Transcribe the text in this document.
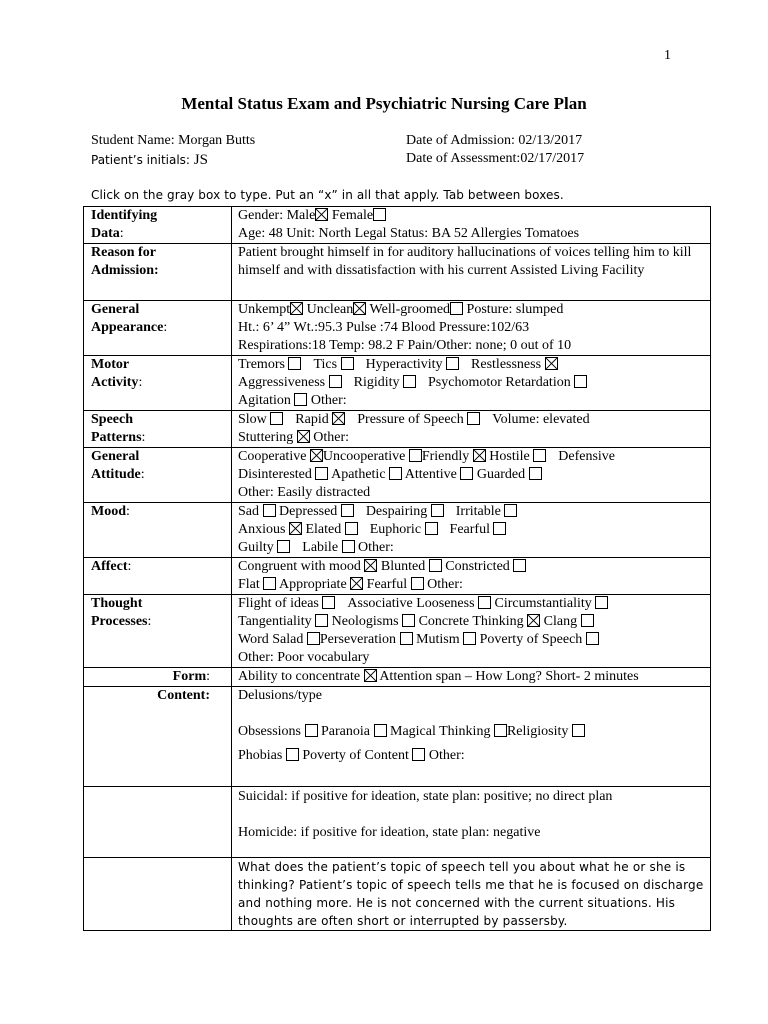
1
Mental Status Exam and Psychiatric Nursing Care Plan
Student Name: Morgan Butts
Patient’s initials: JS
Date of Admission: 02/13/2017
Date of Assessment:02/17/2017
Click on the gray box to type. Put an “x” in all that apply. Tab between boxes.
Identifying
Data:	Gender: Male Female
Age: 48 Unit: North Legal Status: BA 52 Allergies Tomatoes
Reason for
Admission:	Patient brought himself in for auditory hallucinations of voices telling him to kill himself and with dissatisfaction with his current Assisted Living Facility
General
Appearance:	Unkempt Unclean Well-groomed Posture: slumped
Ht.: 6’ 4” Wt.:95.3 Pulse :74 Blood Pressure:102/63
Respirations:18 Temp: 98.2 F Pain/Other: none; 0 out of 10
Motor
Activity:	Tremors Tics Hyperactivity Restlessness
Aggressiveness Rigidity Psychomotor Retardation
Agitation Other:
Speech
Patterns:	Slow Rapid Pressure of Speech Volume: elevated
Stuttering Other:
General
Attitude:	Cooperative Uncooperative Friendly Hostile Defensive
Disinterested Apathetic Attentive Guarded
Other: Easily distracted
Mood:	Sad Depressed Despairing Irritable
Anxious Elated Euphoric Fearful
Guilty Labile Other:
Affect:	Congruent with mood Blunted Constricted
Flat Appropriate Fearful Other:
Thought
Processes:	Flight of ideas Associative Looseness Circumstantiality
Tangentiality Neologisms Concrete Thinking Clang
Word Salad Perseveration Mutism Poverty of Speech
Other: Poor vocabulary
Form:	Ability to concentrate Attention span – How Long? Short- 2 minutes
Content:	Delusions/type
Obsessions Paranoia Magical Thinking Religiosity
Phobias Poverty of Content Other:

	Suicidal: if positive for ideation, state plan: positive; no direct plan
Homicide: if positive for ideation, state plan: negative

	What does the patient’s topic of speech tell you about what he or she is thinking? Patient’s topic of speech tells me that he is focused on discharge and nothing more. He is not concerned with the current situations. His thoughts are often short or interrupted by passersby.
